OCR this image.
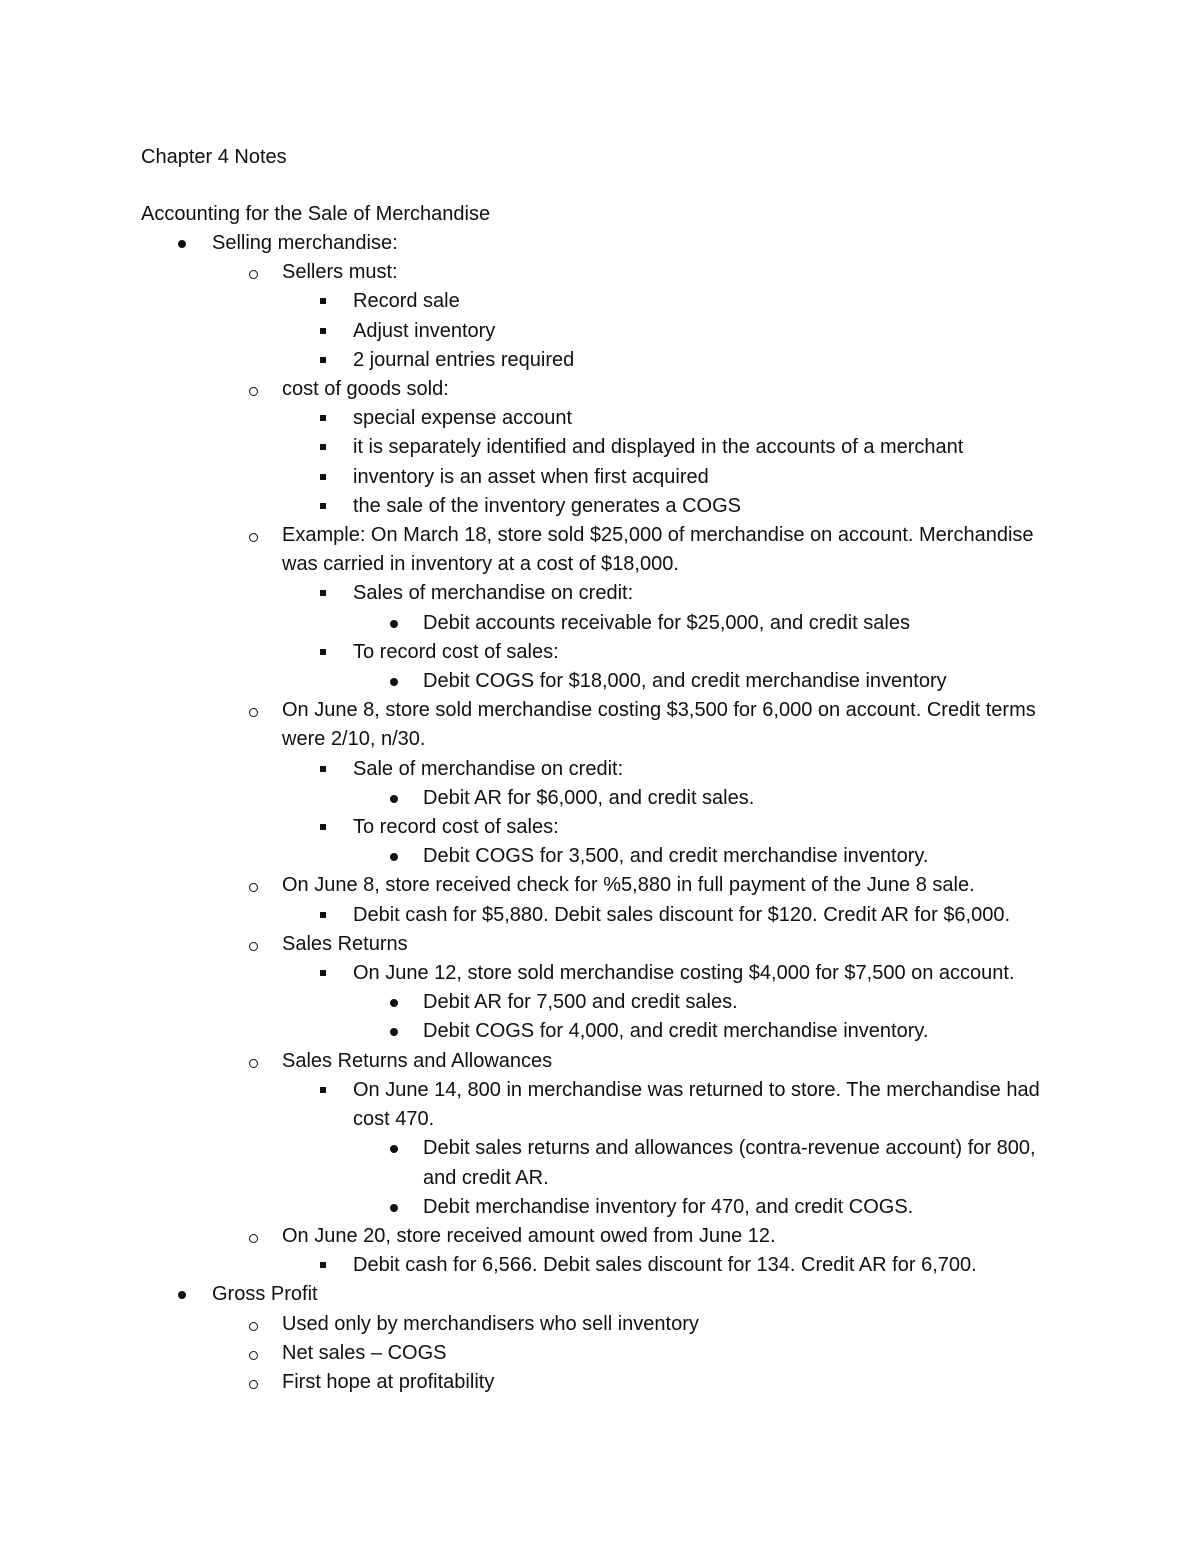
Chapter 4 Notes
Accounting for the Sale of Merchandise
Selling merchandise:
Sellers must:
Record sale
Adjust inventory
2 journal entries required
cost of goods sold:
special expense account
it is separately identified and displayed in the accounts of a merchant
inventory is an asset when first acquired
the sale of the inventory generates a COGS
Example: On March 18, store sold $25,000 of merchandise on account. Merchandise was carried in inventory at a cost of $18,000.
Sales of merchandise on credit:
Debit accounts receivable for $25,000, and credit sales
To record cost of sales:
Debit COGS for $18,000, and credit merchandise inventory
On June 8, store sold merchandise costing $3,500 for 6,000 on account. Credit terms were 2/10, n/30.
Sale of merchandise on credit:
Debit AR for $6,000, and credit sales.
To record cost of sales:
Debit COGS for 3,500, and credit merchandise inventory.
On June 8, store received check for %5,880 in full payment of the June 8 sale.
Debit cash for $5,880. Debit sales discount for $120. Credit AR for $6,000.
Sales Returns
On June 12, store sold merchandise costing $4,000 for $7,500 on account.
Debit AR for 7,500 and credit sales.
Debit COGS for 4,000, and credit merchandise inventory.
Sales Returns and Allowances
On June 14, 800 in merchandise was returned to store. The merchandise had cost 470.
Debit sales returns and allowances (contra-revenue account) for 800, and credit AR.
Debit merchandise inventory for 470, and credit COGS.
On June 20, store received amount owed from June 12.
Debit cash for 6,566. Debit sales discount for 134. Credit AR for 6,700.
Gross Profit
Used only by merchandisers who sell inventory
Net sales – COGS
First hope at profitability
